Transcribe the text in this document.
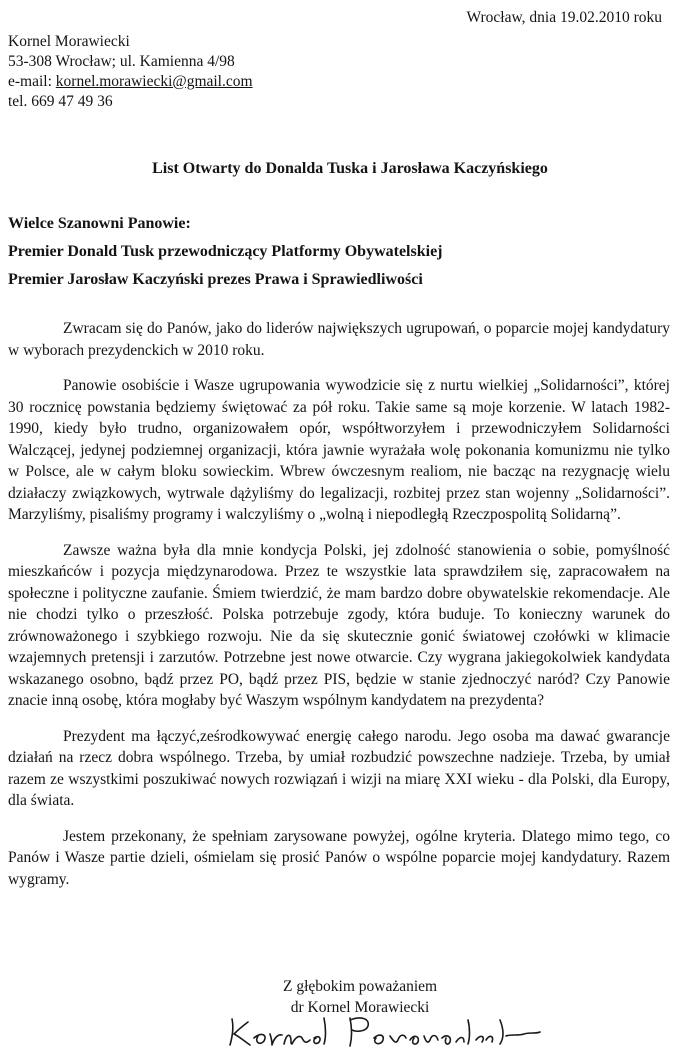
Wrocław, dnia 19.02.2010 roku
Kornel Morawiecki
53-308 Wrocław; ul. Kamienna 4/98
e-mail: kornel.morawiecki@gmail.com
tel. 669 47 49 36
List Otwarty do Donalda Tuska i Jarosława Kaczyńskiego
Wielce Szanowni Panowie:
Premier Donald Tusk przewodniczący Platformy Obywatelskiej
Premier Jarosław Kaczyński prezes Prawa i Sprawiedliwości

Zwracam się do Panów, jako do liderów największych ugrupowań, o poparcie mojej kandydatury w wyborach prezydenckich w 2010 roku.

Panowie osobiście i Wasze ugrupowania wywodzicie się z nurtu wielkiej „Solidarności”, której 30 rocznicę powstania będziemy świętować za pół roku. Takie same są moje korzenie. W latach 1982-1990, kiedy było trudno, organizowałem opór, współtworzyłem i przewodniczyłem Solidarności Walczącej, jedynej podziemnej organizacji, która jawnie wyrażała wolę pokonania komunizmu nie tylko w Polsce, ale w całym bloku sowieckim. Wbrew ówczesnym realiom, nie bacząc na rezygnację wielu działaczy związkowych, wytrwale dążyliśmy do legalizacji, rozbitej przez stan wojenny „Solidarności”. Marzyliśmy, pisaliśmy programy i walczyliśmy o „wolną i niepodległą Rzeczpospolitą Solidarną”.

Zawsze ważna była dla mnie kondycja Polski, jej zdolność stanowienia o sobie, pomyślność mieszkańców i pozycja międzynarodowa. Przez te wszystkie lata sprawdziłem się, zapracowałem na społeczne i polityczne zaufanie. Śmiem twierdzić, że mam bardzo dobre obywatelskie rekomendacje. Ale nie chodzi tylko o przeszłość. Polska potrzebuje zgody, która buduje. To konieczny warunek do zrównoważonego i szybkiego rozwoju. Nie da się skutecznie gonić światowej czołówki w klimacie wzajemnych pretensji i zarzutów. Potrzebne jest nowe otwarcie. Czy wygrana jakiegokolwiek kandydata wskazanego osobno, bądź przez PO, bądź przez PIS, będzie w stanie zjednoczyć naród? Czy Panowie znacie inną osobę, która mogłaby być Waszym wspólnym kandydatem na prezydenta?

Prezydent ma łączyć,ześrodkowywać energię całego narodu. Jego osoba ma dawać gwarancje działań na rzecz dobra wspólnego. Trzeba, by umiał rozbudzić powszechne nadzieje. Trzeba, by umiał razem ze wszystkimi poszukiwać nowych rozwiązań i wizji na miarę XXI wieku - dla Polski, dla Europy, dla świata.

Jestem przekonany, że spełniam zarysowane powyżej, ogólne kryteria. Dlatego mimo tego, co Panów i Wasze partie dzieli, ośmielam się prosić Panów o wspólne poparcie mojej kandydatury. Razem wygramy.

Z głębokim poważaniem
dr Kornel Morawiecki
